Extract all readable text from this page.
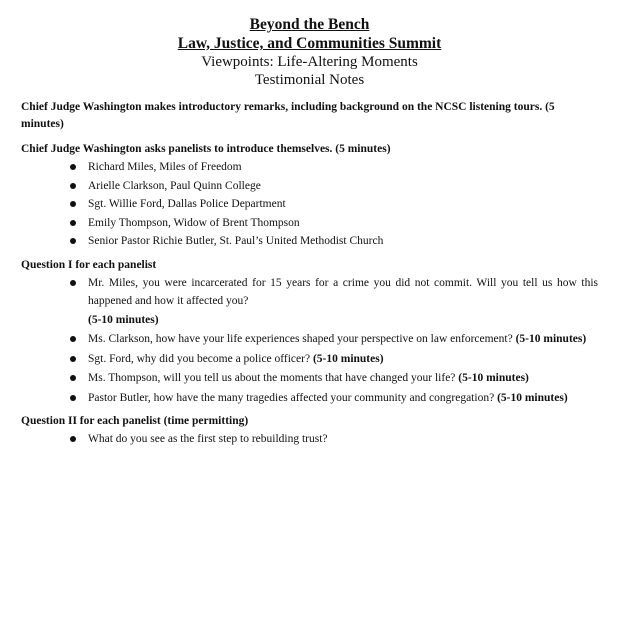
Beyond the Bench
Law, Justice, and Communities Summit
Viewpoints: Life-Altering Moments
Testimonial Notes

Chief Judge Washington makes introductory remarks, including background on the NCSC listening tours. (5 minutes)

Chief Judge Washington asks panelists to introduce themselves. (5 minutes)

Richard Miles, Miles of Freedom
Arielle Clarkson, Paul Quinn College
Sgt. Willie Ford, Dallas Police Department
Emily Thompson, Widow of Brent Thompson
Senior Pastor Richie Butler, St. Paul’s United Methodist Church

Question I for each panelist

Mr. Miles, you were incarcerated for 15 years for a crime you did not commit. Will you tell us how this happened and how it affected you?
(5-10 minutes)
Ms. Clarkson, how have your life experiences shaped your perspective on law enforcement? (5-10 minutes)
Sgt. Ford, why did you become a police officer? (5-10 minutes)
Ms. Thompson, will you tell us about the moments that have changed your life? (5-10 minutes)
Pastor Butler, how have the many tragedies affected your community and congregation? (5-10 minutes)

Question II for each panelist (time permitting)

What do you see as the first step to rebuilding trust?
